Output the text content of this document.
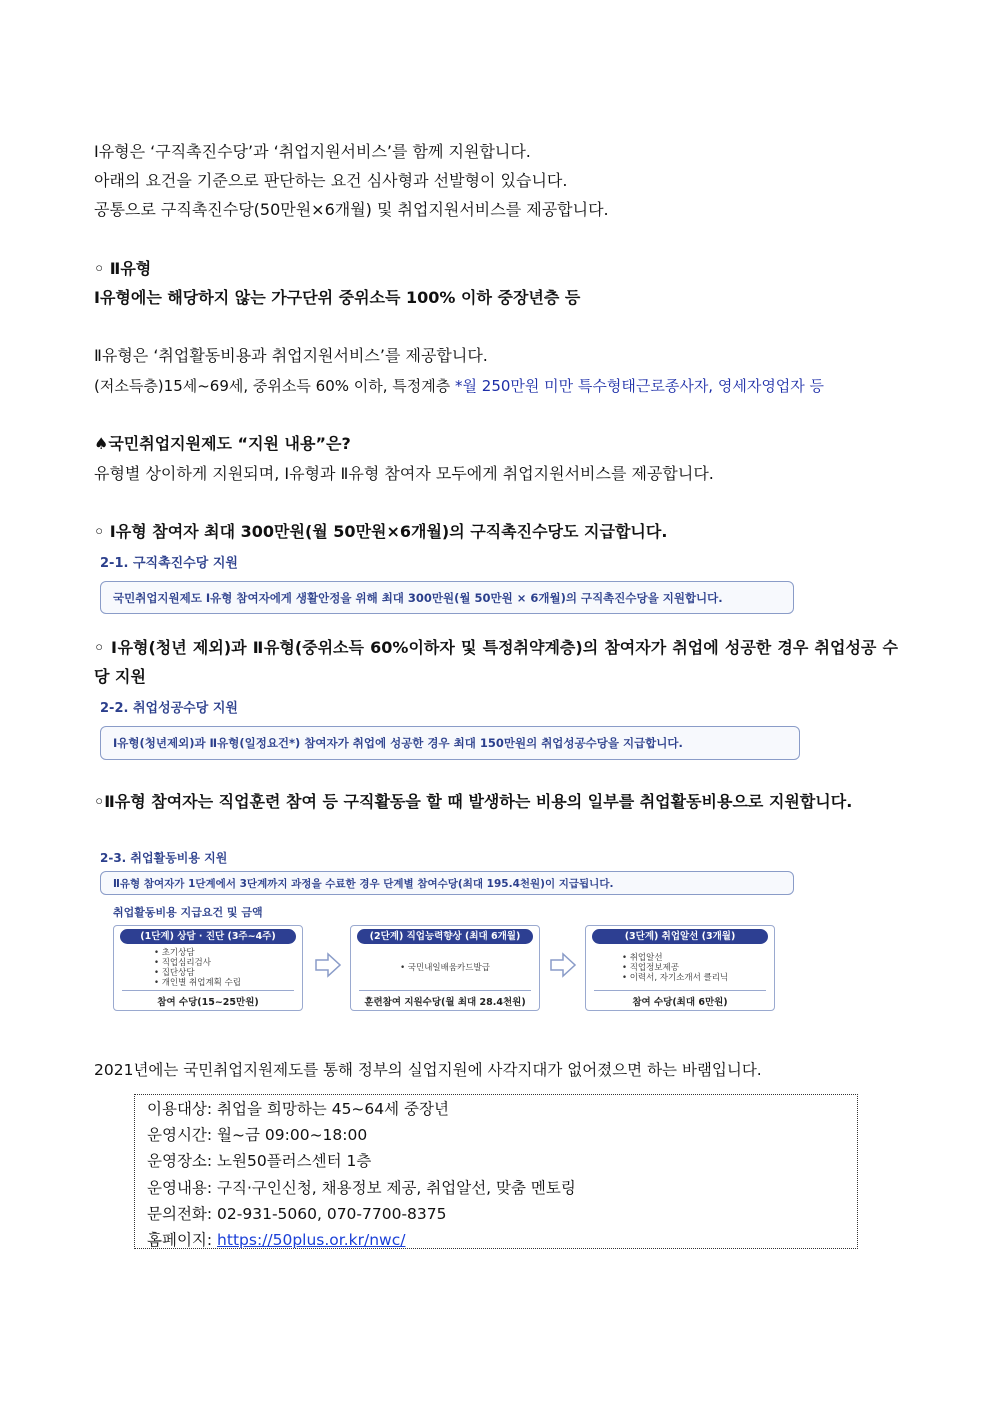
Ⅰ유형은 ‘구직촉진수당’과 ‘취업지원서비스’를 함께 지원합니다.
아래의 요건을 기준으로 판단하는 요건 심사형과 선발형이 있습니다.
공통으로 구직촉진수당(50만원×6개월) 및 취업지원서비스를 제공합니다.
◦ Ⅱ유형
Ⅰ유형에는 해당하지 않는 가구단위 중위소득 100% 이하 중장년층 등
Ⅱ유형은 ‘취업활동비용과 취업지원서비스’를 제공합니다.
(저소득층)15세~69세, 중위소득 60% 이하, 특정계층 *월 250만원 미만 특수형태근로종사자, 영세자영업자 등
♠국민취업지원제도 “지원 내용”은?
유형별 상이하게 지원되며, Ⅰ유형과 Ⅱ유형 참여자 모두에게 취업지원서비스를 제공합니다.
◦ Ⅰ유형 참여자 최대 300만원(월 50만원×6개월)의 구직촉진수당도 지급합니다.
2-1. 구직촉진수당 지원
국민취업지원제도 Ⅰ유형 참여자에게 생활안정을 위해 최대 300만원(월 50만원 × 6개월)의 구직촉진수당을 지원합니다.
◦ Ⅰ유형(청년 제외)과 Ⅱ유형(중위소득 60%이하자 및 특정취약계층)의 참여자가 취업에 성공한 경우 취업성공 수당 지원
2-2. 취업성공수당 지원
Ⅰ유형(청년제외)과 Ⅱ유형(일정요건*) 참여자가 취업에 성공한 경우 최대 150만원의 취업성공수당을 지급합니다.
◦Ⅱ유형 참여자는 직업훈련 참여 등 구직활동을 할 때 발생하는 비용의 일부를 취업활동비용으로 지원합니다.
2-3. 취업활동비용 지원
Ⅱ유형 참여자가 1단계에서 3단계까지 과정을 수료한 경우 단계별 참여수당(최대 195.4천원)이 지급됩니다.
취업활동비용 지급요건 및 금액
(1단계) 상담 · 진단 (3주~4주)
• 초기상담
• 직업심리검사
• 집단상담
• 개인별 취업계획 수립
참여 수당(15~25만원)
(2단계) 직업능력향상 (최대 6개월)
• 국민내일배움카드발급
훈련참여 지원수당(월 최대 28.4천원)
(3단계) 취업알선 (3개월)
• 취업알선
• 직업정보제공
• 이력서, 자기소개서 클리닉
참여 수당(최대 6만원)
2021년에는 국민취업지원제도를 통해 정부의 실업지원에 사각지대가 없어졌으면 하는 바램입니다.
이용대상: 취업을 희망하는 45~64세 중장년
운영시간: 월~금 09:00~18:00
운영장소: 노원50플러스센터 1층
운영내용: 구직·구인신청, 채용정보 제공, 취업알선, 맞춤 멘토링
문의전화: 02-931-5060, 070-7700-8375
홈페이지: https://50plus.or.kr/nwc/
